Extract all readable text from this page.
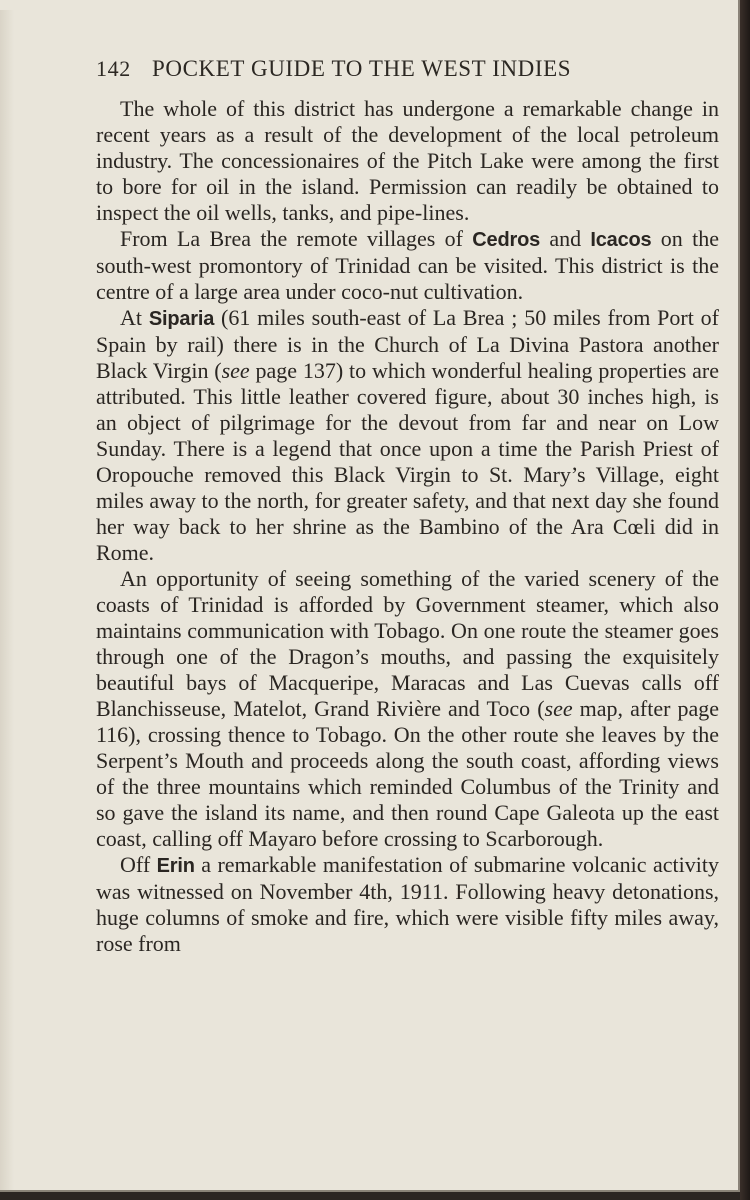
142 POCKET GUIDE TO THE WEST INDIES

The whole of this district has undergone a remarkable change in recent years as a result of the development of the local petroleum industry. The concessionaires of the Pitch Lake were among the first to bore for oil in the island. Permission can readily be obtained to inspect the oil wells, tanks, and pipe-lines.

From La Brea the remote villages of Cedros and Icacos on the south-west promontory of Trinidad can be visited. This district is the centre of a large area under coco-nut cultivation.

At Siparia (61 miles south-east of La Brea ; 50 miles from Port of Spain by rail) there is in the Church of La Divina Pastora another Black Virgin (see page 137) to which wonderful healing properties are attributed. This little leather covered figure, about 30 inches high, is an object of pilgrimage for the devout from far and near on Low Sunday. There is a legend that once upon a time the Parish Priest of Oropouche removed this Black Virgin to St. Mary’s Village, eight miles away to the north, for greater safety, and that next day she found her way back to her shrine as the Bambino of the Ara Cœli did in Rome.

An opportunity of seeing something of the varied scenery of the coasts of Trinidad is afforded by Government steamer, which also maintains communication with Tobago. On one route the steamer goes through one of the Dragon’s mouths, and passing the exquisitely beautiful bays of Macqueripe, Maracas and Las Cuevas calls off Blanchisseuse, Matelot, Grand Rivière and Toco (see map, after page 116), crossing thence to Tobago. On the other route she leaves by the Serpent’s Mouth and proceeds along the south coast, affording views of the three mountains which reminded Columbus of the Trinity and so gave the island its name, and then round Cape Galeota up the east coast, calling off Mayaro before crossing to Scarborough.

Off Erin a remarkable manifestation of submarine volcanic activity was witnessed on November 4th, 1911. Following heavy detonations, huge columns of smoke and fire, which were visible fifty miles away, rose from
